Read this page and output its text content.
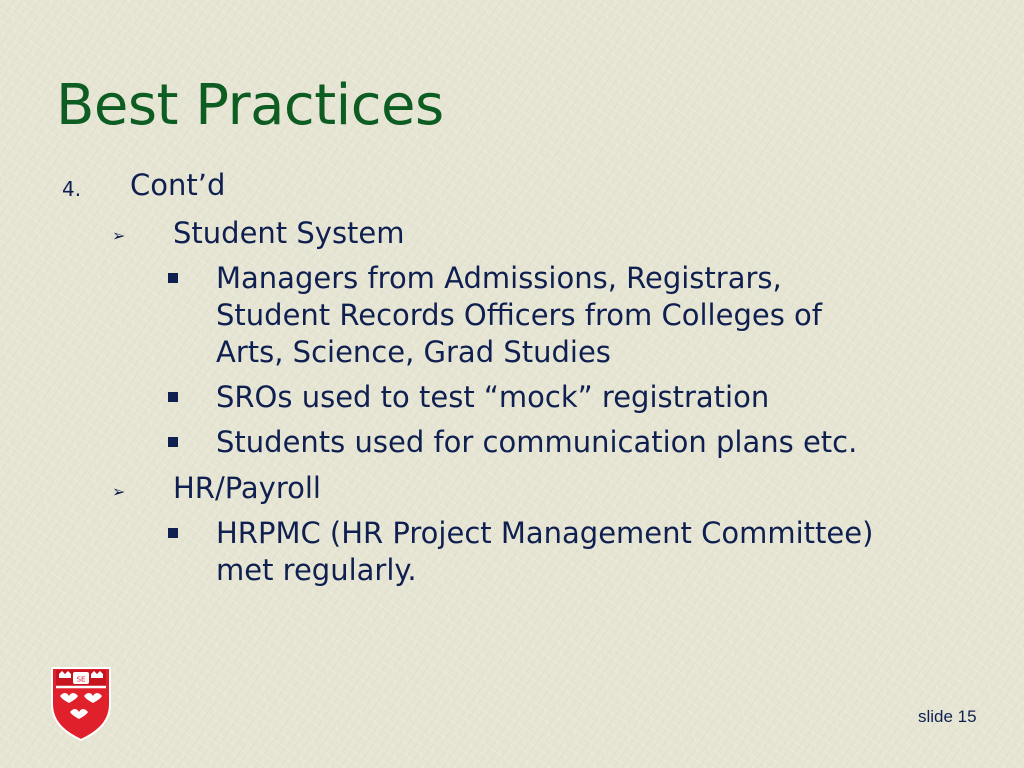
Best Practices
4. Cont’d
➢ Student System
Managers from Admissions, Registrars,
Student Records Officers from Colleges of
Arts, Science, Grad Studies
SROs used to test “mock” registration
Students used for communication plans etc.
➢ HR/Payroll
HRPMC (HR Project Management Committee)
met regularly.
SE
slide 15
